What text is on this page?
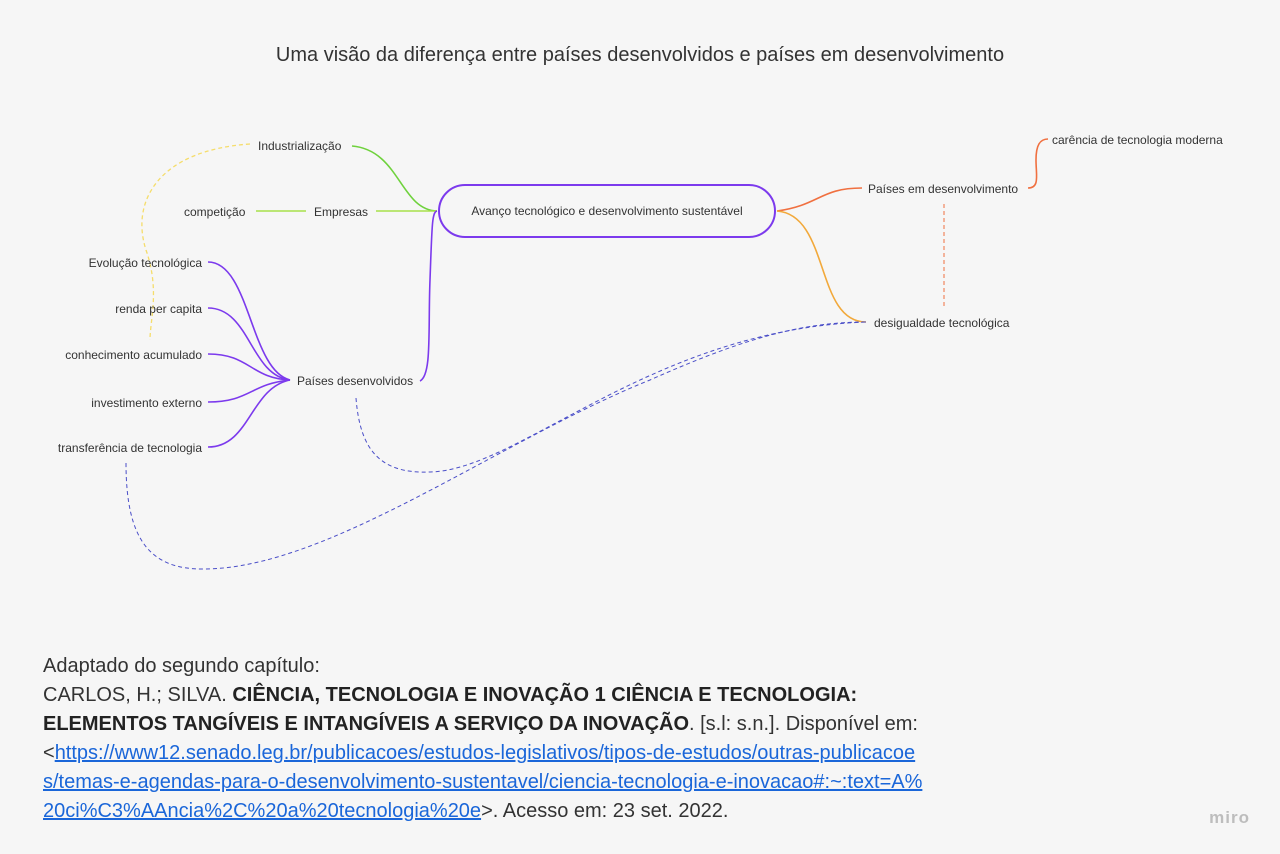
Uma visão da diferença entre países desenvolvidos e países em desenvolvimento
Avanço tecnológico e desenvolvimento sustentável
Industrialização
Empresas
competição
Países desenvolvidos
Evolução tecnológica
renda per capita
conhecimento acumulado
investimento externo
transferência de tecnologia
Países em desenvolvimento
carência de tecnologia moderna
desigualdade tecnológica
Adaptado do segundo capítulo:
CARLOS, H.; SILVA. CIÊNCIA, TECNOLOGIA E INOVAÇÃO 1 CIÊNCIA E TECNOLOGIA: ELEMENTOS TANGÍVEIS E INTANGÍVEIS A SERVIÇO DA INOVAÇÃO. [s.l: s.n.]. Disponível em: <https://www12.senado.leg.br/publicacoes/estudos-legislativos/tipos-de-estudos/outras-publicacoes/temas-e-agendas-para-o-desenvolvimento-sustentavel/ciencia-tecnologia-e-inovacao#:~:text=A%20ci%C3%AAncia%2C%20a%20tecnologia%20e>. Acesso em: 23 set. 2022.	miro
